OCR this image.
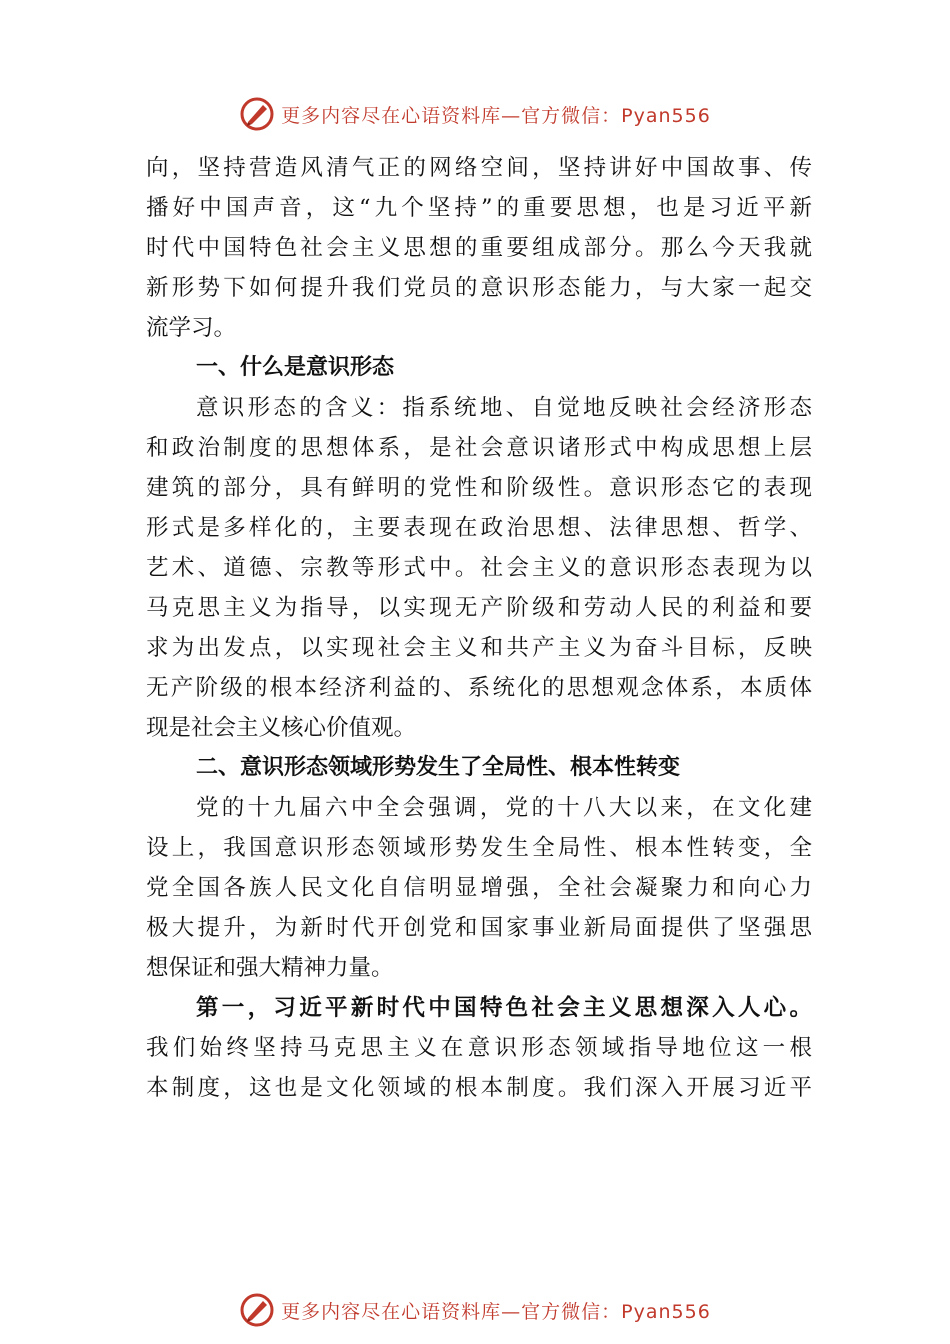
更多内容尽在心语资料库—官方微信：Pyan556
向，坚持营造风清气正的网络空间，坚持讲好中国故事、传
播好中国声音，这“九个坚持”的重要思想，也是习近平新
时代中国特色社会主义思想的重要组成部分。那么今天我就
新形势下如何提升我们党员的意识形态能力，与大家一起交
流学习。
一、什么是意识形态
意识形态的含义：指系统地、自觉地反映社会经济形态
和政治制度的思想体系，是社会意识诸形式中构成思想上层
建筑的部分，具有鲜明的党性和阶级性。意识形态它的表现
形式是多样化的，主要表现在政治思想、法律思想、哲学、
艺术、道德、宗教等形式中。社会主义的意识形态表现为以
马克思主义为指导，以实现无产阶级和劳动人民的利益和要
求为出发点，以实现社会主义和共产主义为奋斗目标，反映
无产阶级的根本经济利益的、系统化的思想观念体系，本质体
现是社会主义核心价值观。
二、意识形态领域形势发生了全局性、根本性转变
党的十九届六中全会强调，党的十八大以来，在文化建
设上，我国意识形态领域形势发生全局性、根本性转变，全
党全国各族人民文化自信明显增强，全社会凝聚力和向心力
极大提升，为新时代开创党和国家事业新局面提供了坚强思
想保证和强大精神力量。
第一，习近平新时代中国特色社会主义思想深入人心。
我们始终坚持马克思主义在意识形态领域指导地位这一根
本制度，这也是文化领域的根本制度。我们深入开展习近平
更多内容尽在心语资料库—官方微信：Pyan556
